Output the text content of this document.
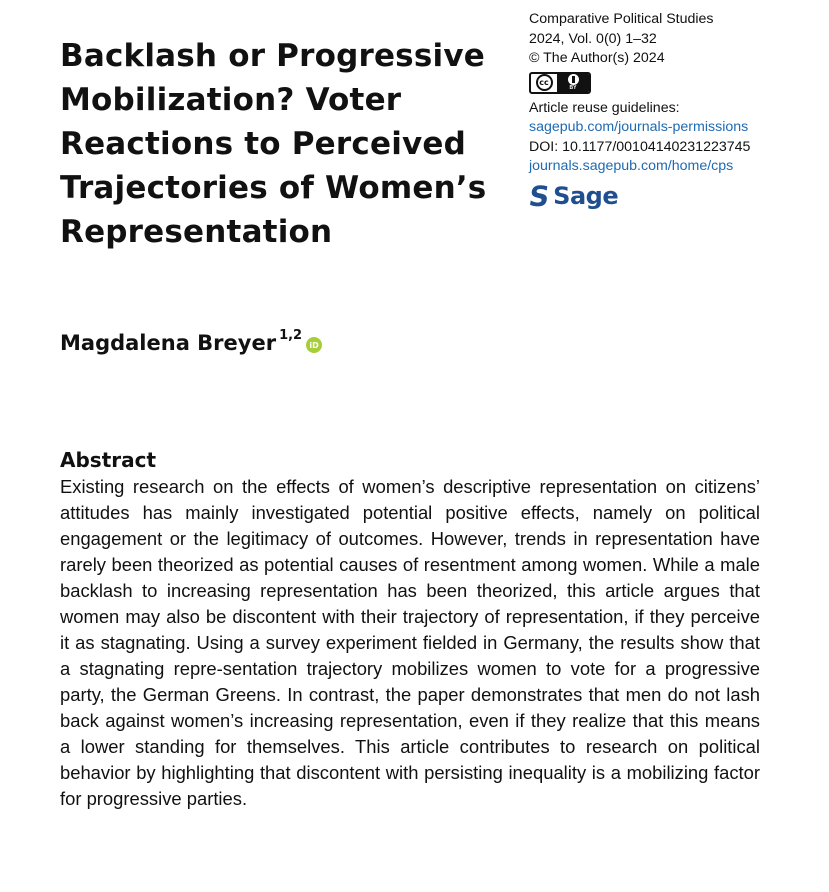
Backlash or Progressive Mobilization? Voter Reactions to Perceived Trajectories of Women’s Representation
Comparative Political Studies
2024, Vol. 0(0) 1–32
© The Author(s) 2024
cc
BY
Article reuse guidelines:
sagepub.com/journals-permissions
DOI: 10.1177/00104140231223745
journals.sagepub.com/home/cps
S Sage
Magdalena Breyer$^{1,2}$
iD
Abstract

Existing research on the effects of women’s descriptive representation on citizens’ attitudes has mainly investigated potential positive effects, namely on political engagement or the legitimacy of outcomes. However, trends in representation have rarely been theorized as potential causes of resentment among women. While a male backlash to increasing representation has been theorized, this article argues that women may also be discontent with their trajectory of representation, if they perceive it as stagnating. Using a survey experiment fielded in Germany, the results show that a stagnating repre-sentation trajectory mobilizes women to vote for a progressive party, the German Greens. In contrast, the paper demonstrates that men do not lash back against women’s increasing representation, even if they realize that this means a lower standing for themselves. This article contributes to research on political behavior by highlighting that discontent with persisting inequality is a mobilizing factor for progressive parties.
